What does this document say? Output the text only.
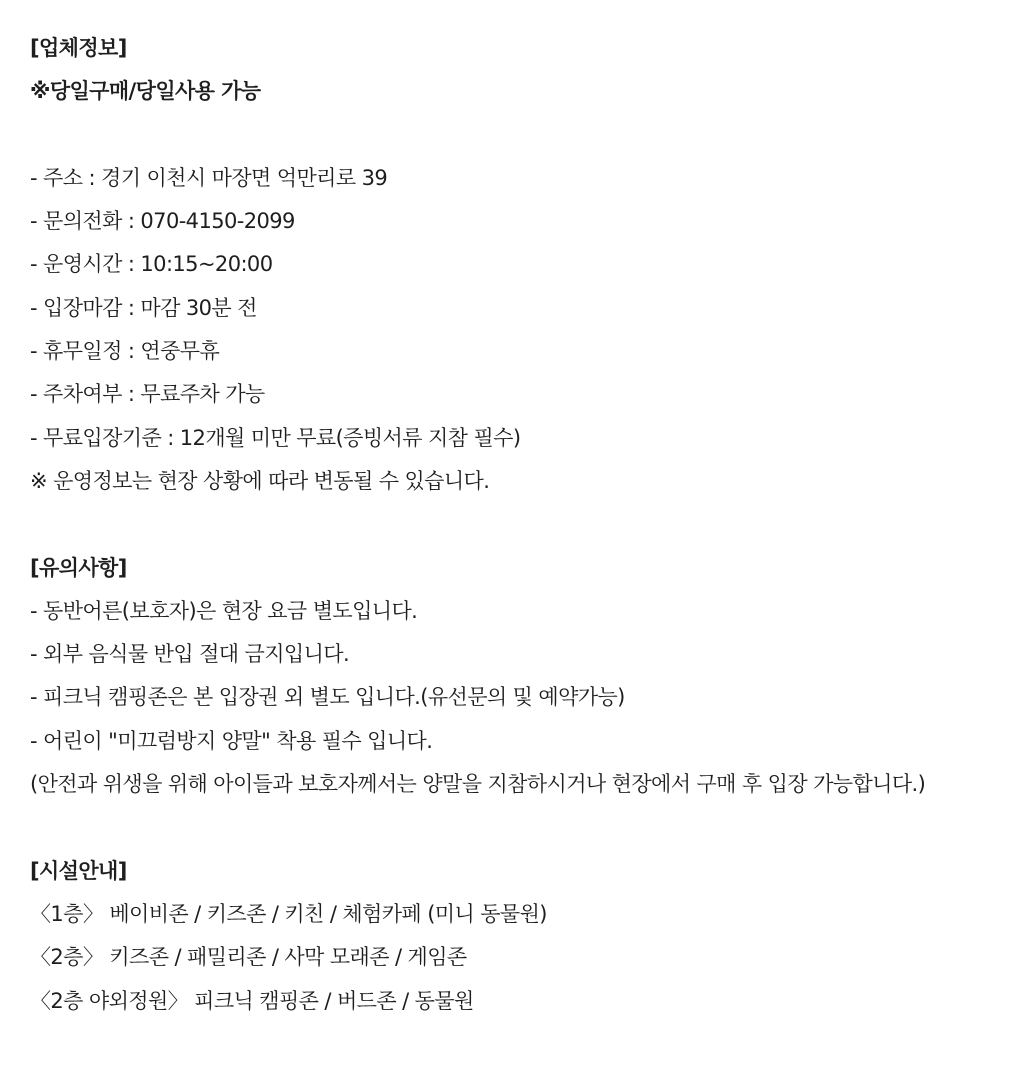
[업체정보]
※당일구매/당일사용 가능
- 주소 : 경기 이천시 마장면 억만리로 39
- 문의전화 : 070-4150-2099
- 운영시간 : 10:15~20:00
- 입장마감 : 마감 30분 전
- 휴무일정 : 연중무휴
- 주차여부 : 무료주차 가능
- 무료입장기준 : 12개월 미만 무료(증빙서류 지참 필수)
※ 운영정보는 현장 상황에 따라 변동될 수 있습니다.
[유의사항]
- 동반어른(보호자)은 현장 요금 별도입니다.
- 외부 음식물 반입 절대 금지입니다.
- 피크닉 캠핑존은 본 입장권 외 별도 입니다.(유선문의 및 예약가능)
- 어린이 "미끄럼방지 양말" 착용 필수 입니다.
(안전과 위생을 위해 아이들과 보호자께서는 양말을 지참하시거나 현장에서 구매 후 입장 가능합니다.)
[시설안내]
〈1층〉 베이비존 / 키즈존 / 키친 / 체험카페 (미니 동물원)
〈2층〉 키즈존 / 패밀리존 / 사막 모래존 / 게임존
〈2층 야외정원〉 피크닉 캠핑존 / 버드존 / 동물원
